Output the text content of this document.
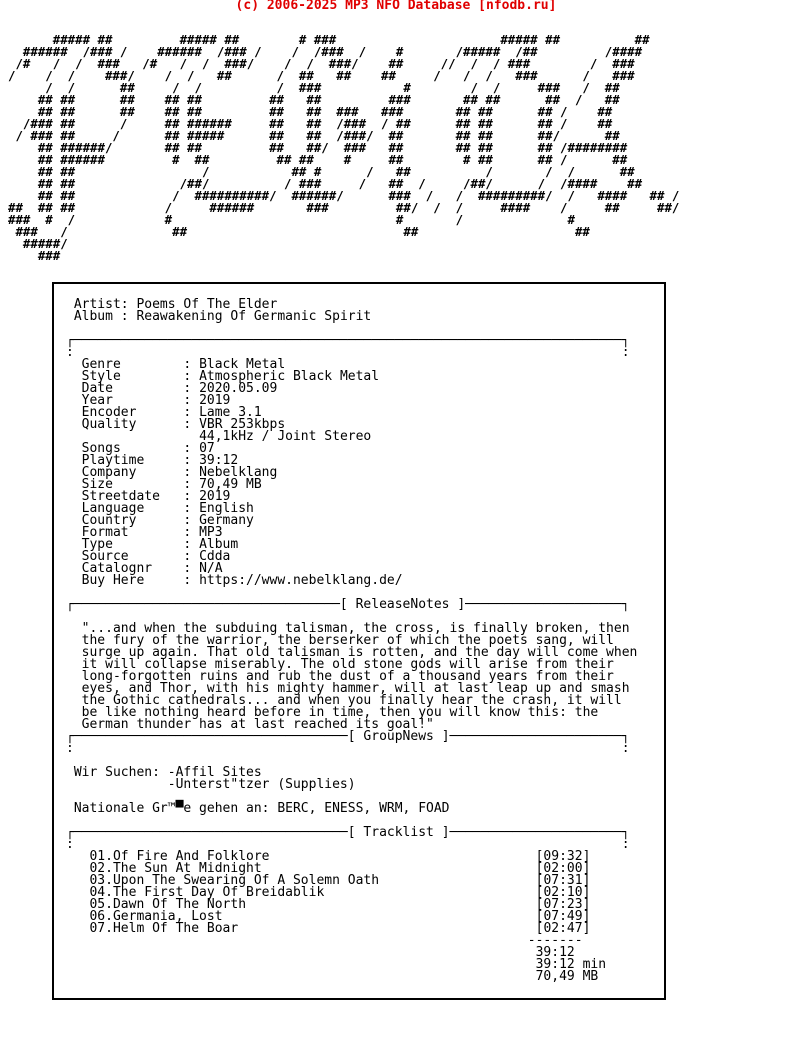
(c) 2006-2025 MP3 NFO Database [nfodb.ru]
##### ##         ##### ##        # ###                      ##### ##          ##
######  /### /    ######  /### /    /  /###  /    #       /#####  /##         /####
/#   /  /  ###   /#   /  /  ###/    /  /  ###/    ##     //  /  / ###        /  ###
/    /  /    ###/    /  /   ##      /  ##   ##    ##     /   /  /   ###      /   ###
/  /      ##     /  /          /  ###           #        /  /     ###   /  ##
## ##      ##    ## ##         ##   ##         ###       ## ##      ##  /   ##
## ##      ##    ## ##         ##   ##  ###   ###       ## ##      ## /    ##
/### ##      /     ## ######     ##   ##  /###  / ##      ## ##      ## /    ##
/ ### ##     /      ## #####      ##   ##  /###/  ##       ## ##      ##/      ##
## ######/       ## ##         ##   ##/  ###   ##       ## ##      ## /########
## ######         #  ##         ## ##    #     ##        # ##      ## /      ##
## ##                 /           ## #      /   ##          /       /  /      ##
## ##              /##/          / ###     /   ##  /     /##/      /  /####    ##
## ##             /  ##########/  ######/      ###  /   /  #########/  /   ####   ## /
##  ## ##            /     ######       ###         ##/  /  /     ####    /     ##     ##/
###  #  /            #                              #       /              #
###   /              ##                             ##                     ##
#####/
###
Artist: Poems Of The Elder
Album : Reawakening Of Germanic Spirit
┌──────────────────────────────────────────────────────────────────────┐
:                                                                      :
Genre        : Black Metal
Style        : Atmospheric Black Metal
Date         : 2020.05.09
Year         : 2019
Encoder      : Lame 3.1
Quality      : VBR 253kbps
44,1kHz / Joint Stereo
Songs        : 07
Playtime     : 39:12
Company      : Nebelklang
Size         : 70,49 MB
Streetdate   : 2019
Language     : English
Country      : Germany
Format       : MP3
Type         : Album
Source       : Cdda
Catalognr    : N/A
Buy Here     : https://www.nebelklang.de/
┌──────────────────────────────────[ ReleaseNotes ]────────────────────┐
"...and when the subduing talisman, the cross, is finally broken, then
the fury of the warrior, the berserker of which the poets sang, will
surge up again. That old talisman is rotten, and the day will come when
it will collapse miserably. The old stone gods will arise from their
long-forgotten ruins and rub the dust of a thousand years from their
eyes, and Thor, with his mighty hammer, will at last leap up and smash
the Gothic cathedrals... and when you finally hear the crash, it will
be like nothing heard before in time, then you will know this: the
German thunder has at last reached its goal!"
┌───────────────────────────────────[ GroupNews ]──────────────────────┐
:                                                                      :
Wir Suchen: -Affil Sites
-Unterst"tzer (Supplies)
Nationale Gr™▀e gehen an: BERC, ENESS, WRM, FOAD
┌───────────────────────────────────[ Tracklist ]──────────────────────┐
:                                                                      :
01.Of Fire And Folklore	[09:32]
02.The Sun At Midnight	[02:00]
03.Upon The Swearing Of A Solemn Oath	[07:31]
04.The First Day Of Breidablik	[02:10]
05.Dawn Of The North	[07:23]
06.Germania, Lost	[07:49]
07.Helm Of The Boar	[02:47]
-------
39:12
39:12 min
70,49 MB
